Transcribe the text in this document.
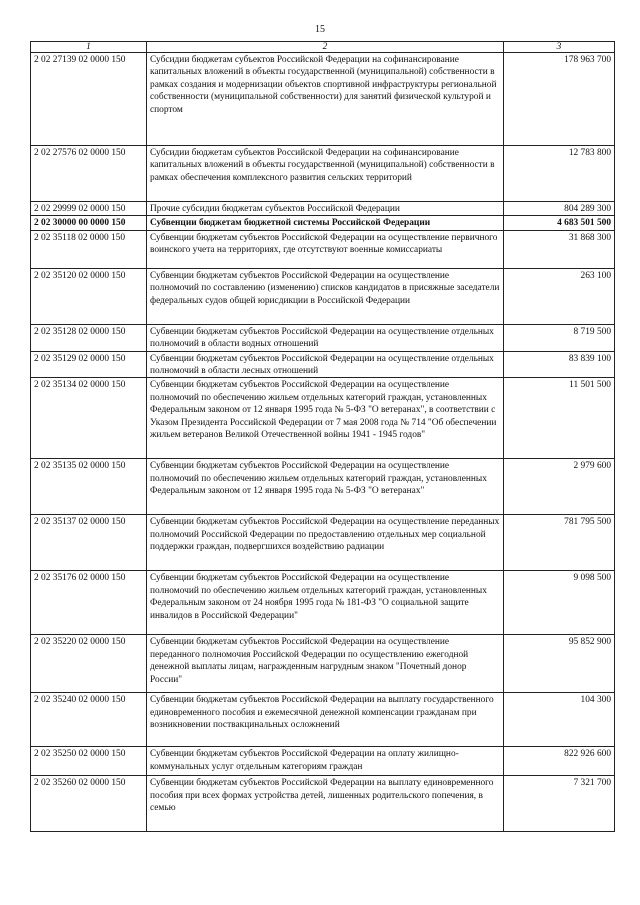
15
1	2	3
2 02 27139 02 0000 150	Субсидии бюджетам субъектов Российской Федерации на софинансирование капитальных вложений в объекты государственной (муниципальной) собственности в рамках создания и модернизации объектов спортивной инфраструктуры региональной собственности (муниципальной собственности) для занятий физической культурой и спортом	178 963 700
2 02 27576 02 0000 150	Субсидии бюджетам субъектов Российской Федерации на софинансирование капитальных вложений в объекты государственной (муниципальной) собственности в рамках обеспечения комплексного развития сельских территорий	12 783 800
2 02 29999 02 0000 150	Прочие субсидии бюджетам субъектов Российской Федерации	804 289 300
2 02 30000 00 0000 150	Субвенции бюджетам бюджетной системы Российской Федерации	4 683 501 500
2 02 35118 02 0000 150	Субвенции бюджетам субъектов Российской Федерации на осуществление первичного воинского учета на территориях, где отсутствуют военные комиссариаты	31 868 300
2 02 35120 02 0000 150	Субвенции бюджетам субъектов Российской Федерации на осуществление полномочий по составлению (изменению) списков кандидатов в присяжные заседатели федеральных судов общей юрисдикции в Российской Федерации	263 100
2 02 35128 02 0000 150	Субвенции бюджетам субъектов Российской Федерации на осуществление отдельных полномочий в области водных отношений	8 719 500
2 02 35129 02 0000 150	Субвенции бюджетам субъектов Российской Федерации на осуществление отдельных полномочий в области лесных отношений	83 839 100
2 02 35134 02 0000 150	Субвенции бюджетам субъектов Российской Федерации на осуществление полномочий по обеспечению жильем отдельных категорий граждан, установленных Федеральным законом от 12 января 1995 года № 5-ФЗ "О ветеранах", в соответствии с Указом Президента Российской Федерации от 7 мая 2008 года № 714 "Об обеспечении жильем ветеранов Великой Отечественной войны 1941 - 1945 годов"	11 501 500
2 02 35135 02 0000 150	Субвенции бюджетам субъектов Российской Федерации на осуществление полномочий по обеспечению жильем отдельных категорий граждан, установленных Федеральным законом от 12 января 1995 года № 5-ФЗ "О ветеранах"	2 979 600
2 02 35137 02 0000 150	Субвенции бюджетам субъектов Российской Федерации на осуществление переданных полномочий Российской Федерации по предоставлению отдельных мер социальной поддержки граждан, подвергшихся воздействию радиации	781 795 500
2 02 35176 02 0000 150	Субвенции бюджетам субъектов Российской Федерации на осуществление полномочий по обеспечению жильем отдельных категорий граждан, установленных Федеральным законом от 24 ноября 1995 года № 181-ФЗ "О социальной защите инвалидов в Российской Федерации"	9 098 500
2 02 35220 02 0000 150	Субвенции бюджетам субъектов Российской Федерации на осуществление переданного полномочия Российской Федерации по осуществлению ежегодной денежной выплаты лицам, награжденным нагрудным знаком "Почетный донор России"	95 852 900
2 02 35240 02 0000 150	Субвенции бюджетам субъектов Российской Федерации на выплату государственного единовременного пособия и ежемесячной денежной компенсации гражданам при возникновении поствакцинальных осложнений	104 300
2 02 35250 02 0000 150	Субвенции бюджетам субъектов Российской Федерации на оплату жилищно-коммунальных услуг отдельным категориям граждан	822 926 600
2 02 35260 02 0000 150	Субвенции бюджетам субъектов Российской Федерации на выплату единовременного пособия при всех формах устройства детей, лишенных родительского попечения, в семью	7 321 700
